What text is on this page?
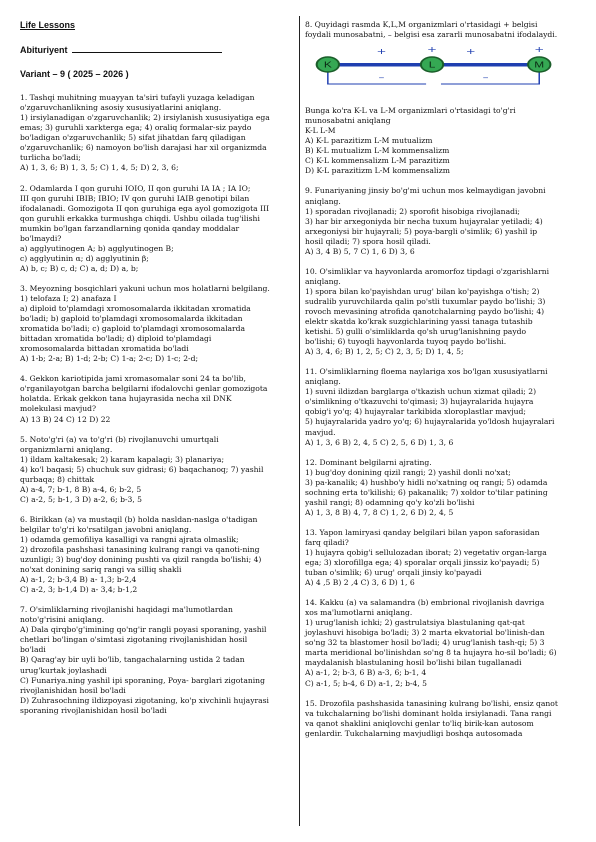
Life Lessons
Abituriyent
Variant – 9 ( 2025 – 2026 )
1. Tashqi muhitning muayyan ta'siri tufayli yuzaga keladigan
o'zgaruvchanlikning asosiy xususiyatlarini aniqlang.
1) irsiylanadigan o'zgaruvchanlik; 2) irsiylanish xususiyatiga ega
emas; 3) guruhli xarkterga ega; 4) oraliq formalar-siz paydo
bo'ladigan o'zgaruvchanlik; 5) sifat jihatdan farq qiladigan
o'zgaruvchanlik; 6) namoyon bo'lish darajasi har xil organizmda
turlicha bo'ladi;
A) 1, 3, 6; B) 1, 3, 5; C) 1, 4, 5; D) 2, 3, 6;
2. Odamlarda I qon guruhi IOIO, II qon guruhi IA IA ; IA IO;
III qon guruhi IBIB; IBIO; IV qon guruhi IAIB genotipi bilan
ifodalanadi. Gomozigota II qon guruhiga ega ayol gomozigota III
qon guruhli erkakka turmushga chiqdi. Ushbu oilada tug'ilishi
mumkin bo'lgan farzandlarning qonida qanday moddalar
bo'lmaydi?
a) agglyutinogen A; b) agglyutinogen B;
c) agglyutinin α; d) agglyutinin β;
A) b, c; B) c, d; C) a, d; D) a, b;
3. Meyozning bosqichlari yakuni uchun mos holatlarni belgilang.
1) telofaza I; 2) anafaza I
a) diploid to'plamdagi xromosomalarda ikkitadan xromatida
bo'ladi; b) gaploid to'plamdagi xromosomalarda ikkitadan
xromatida bo'ladi; c) gaploid to'plamdagi xromosomalarda
bittadan xromatida bo'ladi; d) diploid to'plamdagi
xromosomalarda bittadan xromatida bo'ladi
A) 1-b; 2-a; B) 1-d; 2-b; C) 1-a; 2-c; D) 1-c; 2-d;
4. Gekkon kariotipida jami xromasomalar soni 24 ta bo'lib,
o'rganilayotgan barcha belgilarni ifodalovchi genlar gomozigota
holatda. Erkak gekkon tana hujayrasida necha xil DNK
molekulasi mavjud?
A) 13 B) 24 C) 12 D) 22
5. Noto'g'ri (a) va to'g'ri (b) rivojlanuvchi umurtqali
organizmlarni aniqlang.
1) ildam kaltakesak; 2) karam kapalagi; 3) planariya;
4) ko'l baqasi; 5) chuchuk suv gidrasi; 6) baqachanoq; 7) yashil
qurbaqa; 8) chittak
A) a-4, 7; b-1, 8 B) a-4, 6; b-2, 5
C) a-2, 5; b-1, 3 D) a-2, 6; b-3, 5
6. Birikkan (a) va mustaqil (b) holda nasldan-naslga o'tadigan
belgilar to'g'ri ko'rsatilgan javobni aniqlang.
1) odamda gemofiliya kasalligi va rangni ajrata olmaslik;
2) drozofila pashshasi tanasining kulrang rangi va qanoti-ning
uzunligi; 3) bug'doy donining pushti va qizil rangda bo'lishi; 4)
no'xat donining sariq rangi va silliq shakli
A) a-1, 2; b-3,4 B) a- 1,3; b-2,4
C) a-2, 3; b-1,4 D) a- 3,4; b-1,2
7. O'simliklarning rivojlanishi haqidagi ma'lumotlardan
noto'g'risini aniqlang.
A) Dala qirqbo'g'imining qo'ng'ir rangli poyasi sporaning, yashil
chetlari bo'lingan o'simtasi zigotaning rivojlanishidan hosil
bo'ladi
B) Qarag'ay bir uyli bo'lib, tangachalarning ustida 2 tadan
urug'kurtak joylashadi
C) Funariya.ning yashil ipi sporaning, Poya- barglari zigotaning
rivojlanishidan hosil bo'ladi
D) Zuhrasochning ildizpoyasi zigotaning, ko'p xivchinli hujayrasi
sporaning rivojlanishidan hosil bo'ladi
8. Quyidagi rasmda K,L,M organizmlari o'rtasidagi + belgisi
foydali munosabatni, – belgisi esa zararli munosabatni ifodalaydi.
K	L	M
+
–
+	+
–
+
Bunga ko'ra K-L va L-M organizmlari o'rtasidagi to'g'ri
munosabatni aniqlang
K-L L-M
A) K-L parazitizm L-M mutualizm
B) K-L mutualizm L-M kommensalizm
C) K-L kommensalizm L-M parazitizm
D) K-L parazitizm L-M kommensalizm
9. Funariyaning jinsiy bo'g'mi uchun mos kelmaydigan javobni
aniqlang.
1) sporadan rivojlanadi; 2) sporofit hisobiga rivojlanadi;
3) har bir arxegoniyda bir necha tuxum hujayralar yetiladi; 4)
arxegoniysi bir hujayrali; 5) poya-bargli o'simlik; 6) yashil ip
hosil qiladi; 7) spora hosil qiladi.
A) 3, 4 B) 5, 7 C) 1, 6 D) 3, 6
10. O'simliklar va hayvonlarda aromorfoz tipdagi o'zgarishlarni
aniqlang.
1) spora bilan ko'payishdan urug' bilan ko'payishga o'tish; 2)
sudralib yuruvchilarda qalin po'stli tuxumlar paydo bo'lishi; 3)
rovoch mevasining atrofida qanotchalarning paydo bo'lishi; 4)
elektr skatda ko'krak suzgichlarining yassi tanaga tutashib
ketishi. 5) gulli o'simliklarda qo'sh urug'lanishning paydo
bo'lishi; 6) tuyoqli hayvonlarda tuyoq paydo bo'lishi.
A) 3, 4, 6; B) 1, 2, 5; C) 2, 3, 5; D) 1, 4, 5;
11. O'simliklarning floema naylariga xos bo'lgan xususiyatlarni
aniqlang.
1) suvni ildizdan barglarga o'tkazish uchun xizmat qiladi; 2)
o'simlikning o'tkazuvchi to'qimasi; 3) hujayralarida hujayra
qobig'i yo'q; 4) hujayralar tarkibida xloroplastlar mavjud;
5) hujayralarida yadro yo'q; 6) hujayralarida yo'ldosh hujayralari
mavjud.
A) 1, 3, 6 B) 2, 4, 5 C) 2, 5, 6 D) 1, 3, 6
12. Dominant belgilarni ajrating.
1) bug'doy donining qizil rangi; 2) yashil donli no'xat;
3) pa-kanalik; 4) hushbo'y hidli no'xatning oq rangi; 5) odamda
sochning erta to'kilishi; 6) pakanalik; 7) xoldor to'tilar patining
yashil rangi; 8) odamning qo'y ko'zli bo'lishi
A) 1, 3, 8 B) 4, 7, 8 C) 1, 2, 6 D) 2, 4, 5
13. Yapon lamiryasi qanday belgilari bilan yapon saforasidan
farq qiladi?
1) hujayra qobig'i sellulozadan iborat; 2) vegetativ organ-larga
ega; 3) xlorofillga ega; 4) sporalar orqali jinssiz ko'payadi; 5)
tuban o'simlik; 6) urug' orqali jinsiy ko'payadi
A) 4 ,5 B) 2 ,4 C) 3, 6 D) 1, 6
14. Kakku (a) va salamandra (b) embrional rivojlanish davriga
xos ma'lumotlarni aniqlang.
1) urug'lanish ichki; 2) gastrulatsiya blastulaning qat-qat
joylashuvi hisobiga bo'ladi; 3) 2 marta ekvatorial bo'linish-dan
so'ng 32 ta blastomer hosil bo'ladi; 4) urug'lanish tash-qi; 5) 3
marta meridional bo'linishdan so'ng 8 ta hujayra ho-sil bo'ladi; 6)
maydalanish blastulaning hosil bo'lishi bilan tugallanadi
A) a-1, 2; b-3, 6 B) a-3, 6; b-1, 4
C) a-1, 5; b-4, 6 D) a-1, 2; b-4, 5
15. Drozofila pashshasida tanasining kulrang bo'lishi, ensiz qanot
va tukchalarning bo'lishi dominant holda irsiylanadi. Tana rangi
va qanot shaklini aniqlovchi genlar to'liq birik-kan autosom
genlardir. Tukchalarning mavjudligi boshqa autosomada
